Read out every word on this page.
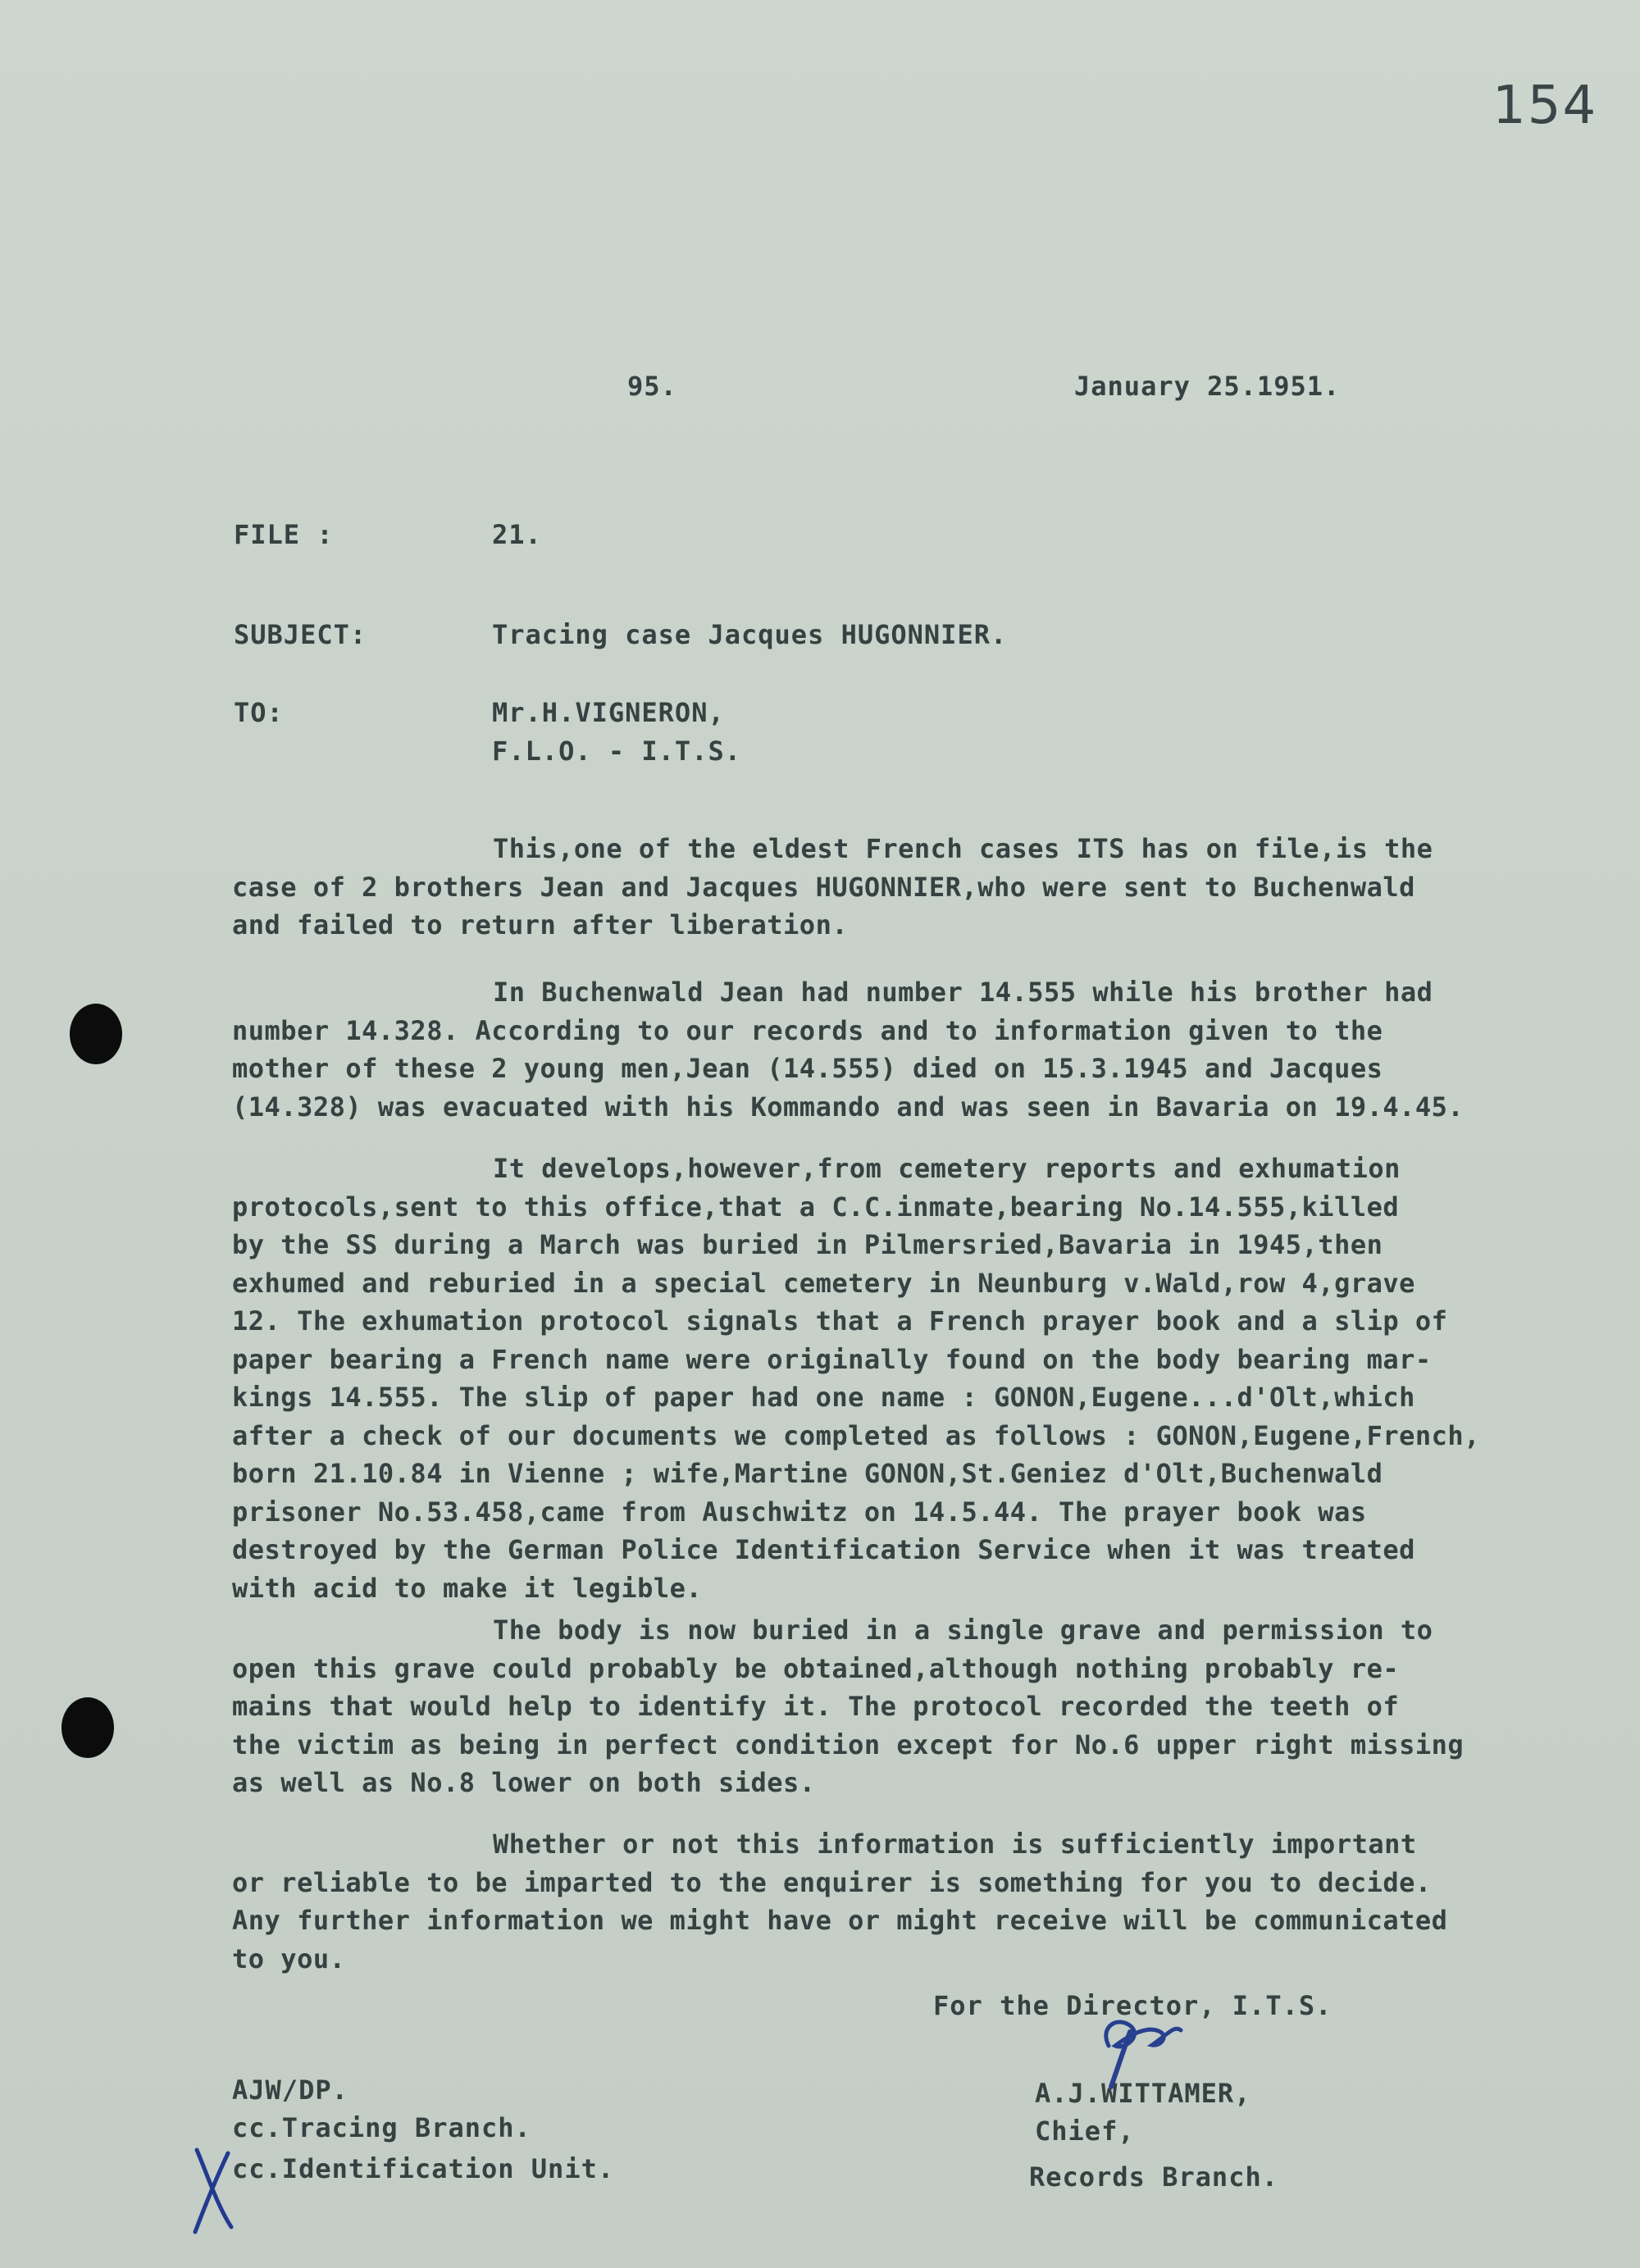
154
95.	January 25.1951.
FILE :	21.
SUBJECT:	Tracing case Jacques HUGONNIER.
TO:	Mr.H.VIGNERON,
F.L.O. - I.T.S.
This,one of the eldest French cases ITS has on file,is the
case of 2 brothers Jean and Jacques HUGONNIER,who were sent to Buchenwald
and failed to return after liberation.
In Buchenwald Jean had number 14.555 while his brother had
number 14.328. According to our records and to information given to the
mother of these 2 young men,Jean (14.555) died on 15.3.1945 and Jacques
(14.328) was evacuated with his Kommando and was seen in Bavaria on 19.4.45.
It develops,however,from cemetery reports and exhumation
protocols,sent to this office,that a C.C.inmate,bearing No.14.555,killed
by the SS during a March was buried in Pilmersried,Bavaria in 1945,then
exhumed and reburied in a special cemetery in Neunburg v.Wald,row 4,grave
12. The exhumation protocol signals that a French prayer book and a slip of
paper bearing a French name were originally found on the body bearing mar-
kings 14.555. The slip of paper had one name : GONON,Eugene...d'Olt,which
after a check of our documents we completed as follows : GONON,Eugene,French,
born 21.10.84 in Vienne ; wife,Martine GONON,St.Geniez d'Olt,Buchenwald
prisoner No.53.458,came from Auschwitz on 14.5.44. The prayer book was
destroyed by the German Police Identification Service when it was treated
with acid to make it legible.
The body is now buried in a single grave and permission to
open this grave could probably be obtained,although nothing probably re-
mains that would help to identify it. The protocol recorded the teeth of
the victim as being in perfect condition except for No.6 upper right missing
as well as No.8 lower on both sides.
Whether or not this information is sufficiently important
or reliable to be imparted to the enquirer is something for you to decide.
Any further information we might have or might receive will be communicated
to you.
For the Director, I.T.S.
A.J.WITTAMER,
Chief,
Records Branch.
AJW/DP.
cc.Tracing Branch.
cc.Identification Unit.
